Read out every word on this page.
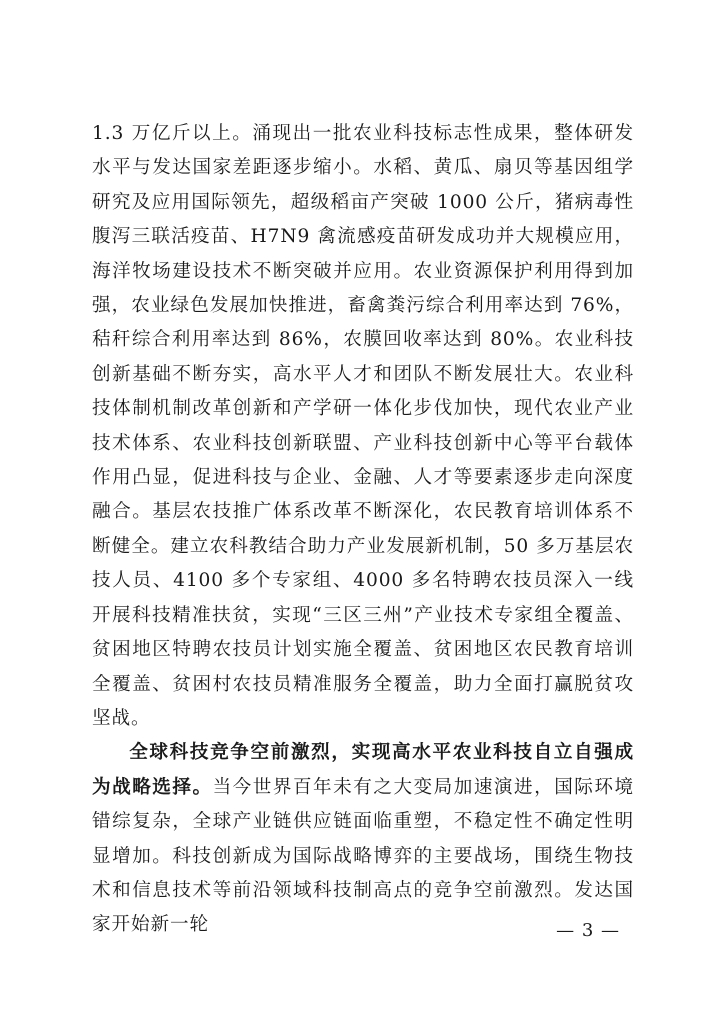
1.3 万亿斤以上。涌现出一批农业科技标志性成果，整体研发水平与发达国家差距逐步缩小。水稻、黄瓜、扇贝等基因组学研究及应用国际领先，超级稻亩产突破 1000 公斤，猪病毒性腹泻三联活疫苗、H7N9 禽流感疫苗研发成功并大规模应用，海洋牧场建设技术不断突破并应用。农业资源保护利用得到加强，农业绿色发展加快推进，畜禽粪污综合利用率达到 76%，秸秆综合利用率达到 86%，农膜回收率达到 80%。农业科技创新基础不断夯实，高水平人才和团队不断发展壮大。农业科技体制机制改革创新和产学研一体化步伐加快，现代农业产业技术体系、农业科技创新联盟、产业科技创新中心等平台载体作用凸显，促进科技与企业、金融、人才等要素逐步走向深度融合。基层农技推广体系改革不断深化，农民教育培训体系不断健全。建立农科教结合助力产业发展新机制，50 多万基层农技人员、4100 多个专家组、4000 多名特聘农技员深入一线开展科技精准扶贫，实现“三区三州”产业技术专家组全覆盖、贫困地区特聘农技员计划实施全覆盖、贫困地区农民教育培训全覆盖、贫困村农技员精准服务全覆盖，助力全面打赢脱贫攻坚战。

全球科技竞争空前激烈，实现高水平农业科技自立自强成为战略选择。当今世界百年未有之大变局加速演进，国际环境错综复杂，全球产业链供应链面临重塑，不稳定性不确定性明显增加。科技创新成为国际战略博弈的主要战场，围绕生物技术和信息技术等前沿领域科技制高点的竞争空前激烈。发达国家开始新一轮	— 3 —
